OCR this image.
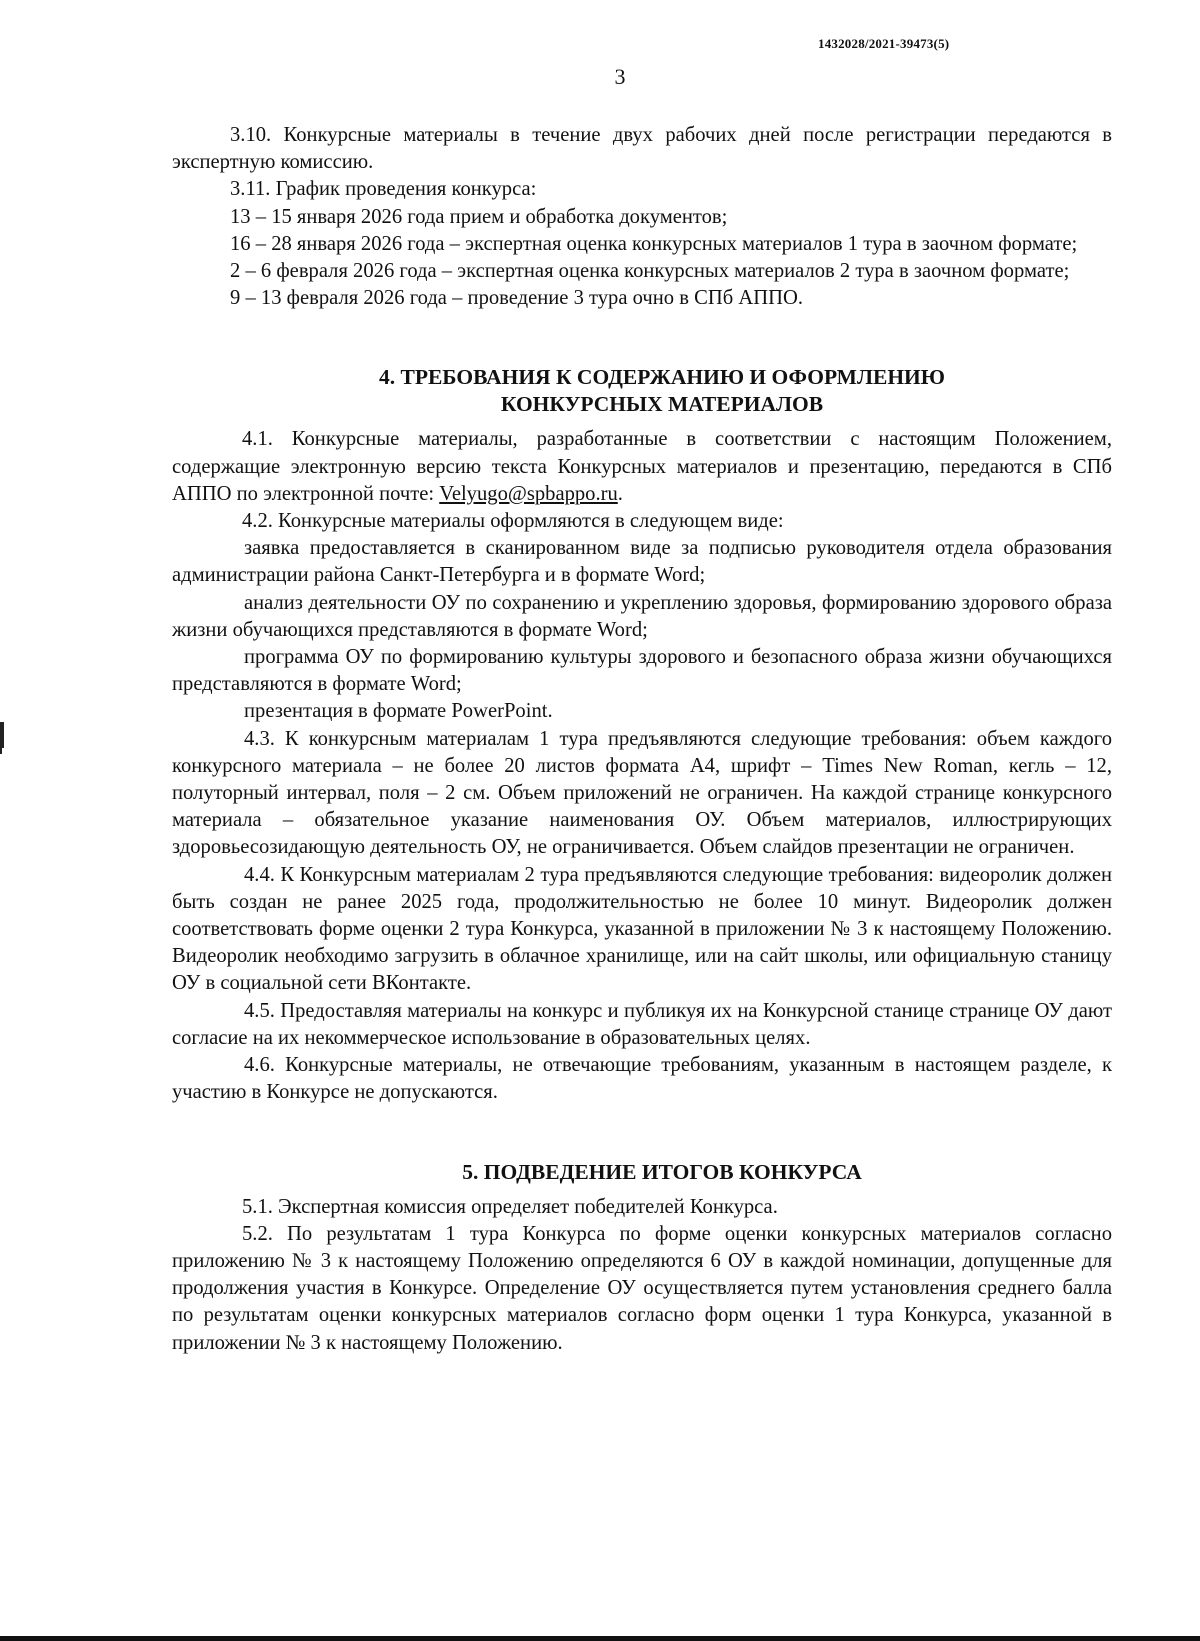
1432028/2021-39473(5)
3

3.10. Конкурсные материалы в течение двух рабочих дней после регистрации передаются в экспертную комиссию.

3.11. График проведения конкурса:

13 – 15 января 2026 года прием и обработка документов;

16 – 28 января 2026 года – экспертная оценка конкурсных материалов 1 тура в заочном формате;

2 – 6 февраля 2026 года – экспертная оценка конкурсных материалов 2 тура в заочном формате;

9 – 13 февраля 2026 года – проведение 3 тура очно в СПб АППО.

4. ТРЕБОВАНИЯ К СОДЕРЖАНИЮ И ОФОРМЛЕНИЮ
КОНКУРСНЫХ МАТЕРИАЛОВ

4.1. Конкурсные материалы, разработанные в соответствии с настоящим Положением, содержащие электронную версию текста Конкурсных материалов и презентацию, передаются в СПб АППО по электронной почте: Velyugo@spbappo.ru.

4.2. Конкурсные материалы оформляются в следующем виде:

заявка предоставляется в сканированном виде за подписью руководителя отдела образования администрации района Санкт-Петербурга и в формате Word;

анализ деятельности ОУ по сохранению и укреплению здоровья, формированию здорового образа жизни обучающихся представляются в формате Word;

программа ОУ по формированию культуры здорового и безопасного образа жизни обучающихся представляются в формате Word;

презентация в формате PowerPoint.

4.3. К конкурсным материалам 1 тура предъявляются следующие требования: объем каждого конкурсного материала – не более 20 листов формата А4, шрифт – Times New Roman, кегль – 12, полуторный интервал, поля – 2 см. Объем приложений не ограничен. На каждой странице конкурсного материала – обязательное указание наименования ОУ. Объем материалов, иллюстрирующих здоровьесозидающую деятельность ОУ, не ограничивается. Объем слайдов презентации не ограничен.

4.4. К Конкурсным материалам 2 тура предъявляются следующие требования: видеоролик должен быть создан не ранее 2025 года, продолжительностью не более 10 минут. Видеоролик должен соответствовать форме оценки 2 тура Конкурса, указанной в приложении № 3 к настоящему Положению. Видеоролик необходимо загрузить в облачное хранилище, или на сайт школы, или официальную станицу ОУ в социальной сети ВКонтакте.

4.5. Предоставляя материалы на конкурс и публикуя их на Конкурсной станице странице ОУ дают согласие на их некоммерческое использование в образовательных целях.

4.6. Конкурсные материалы, не отвечающие требованиям, указанным в настоящем разделе, к участию в Конкурсе не допускаются.

5. ПОДВЕДЕНИЕ ИТОГОВ КОНКУРСА

5.1. Экспертная комиссия определяет победителей Конкурса.

5.2. По результатам 1 тура Конкурса по форме оценки конкурсных материалов согласно приложению № 3 к настоящему Положению определяются 6 ОУ в каждой номинации, допущенные для продолжения участия в Конкурсе. Определение ОУ осуществляется путем установления среднего балла по результатам оценки конкурсных материалов согласно форм оценки 1 тура Конкурса, указанной в приложении № 3 к настоящему Положению.
